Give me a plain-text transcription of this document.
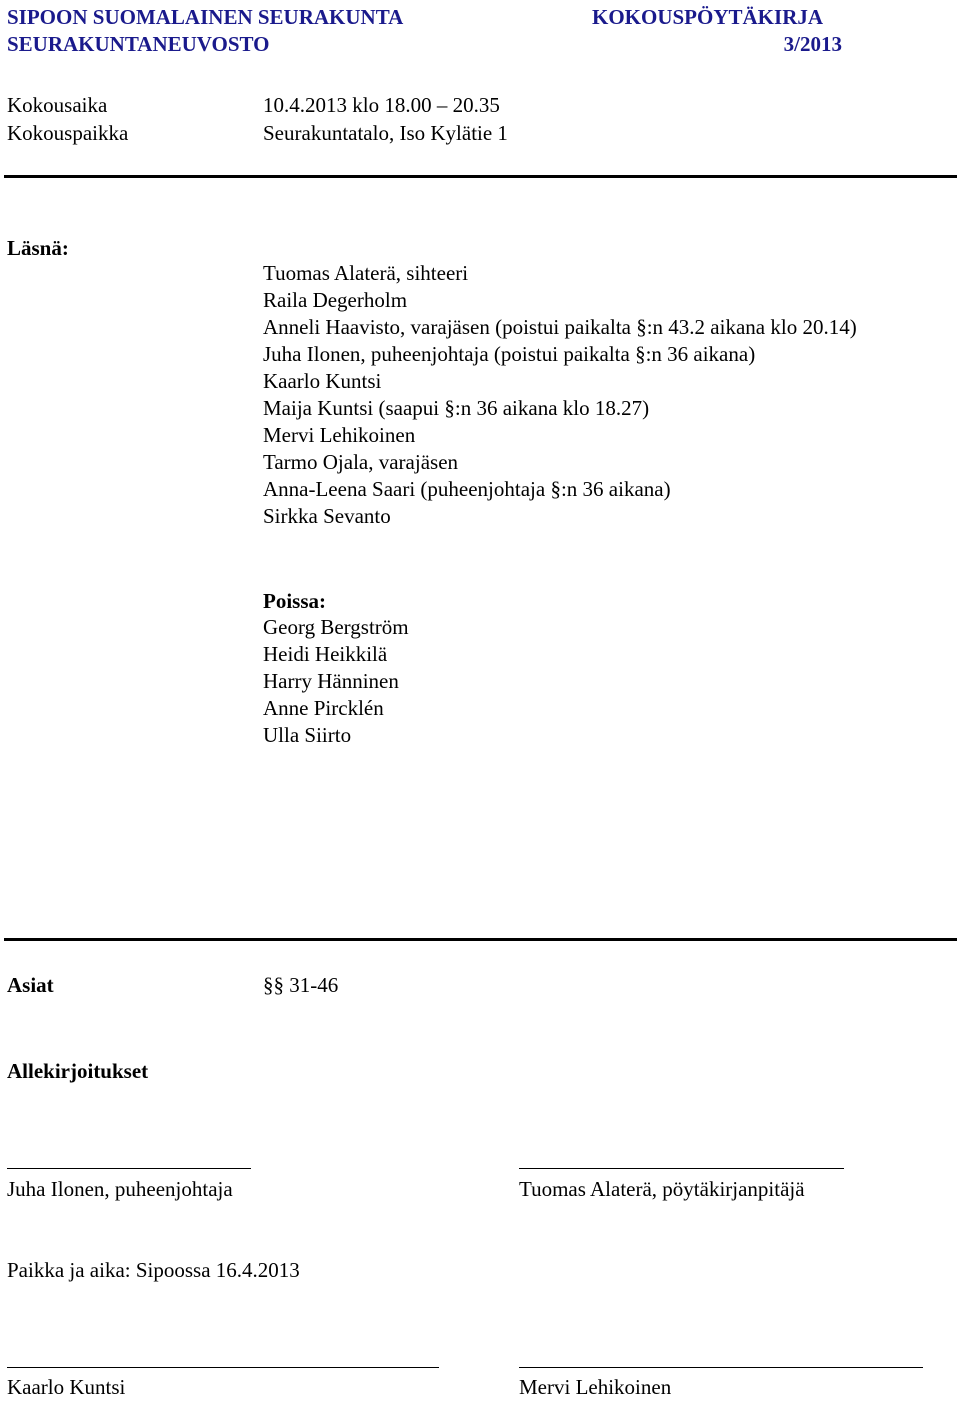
SIPOON SUOMALAINEN SEURAKUNTA
SEURAKUNTANEUVOSTO
KOKOUSPÖYTÄKIRJA
3/2013
Kokousaika	10.4.2013 klo 18.00 – 20.35
Kokouspaikka	Seurakuntatalo, Iso Kylätie 1
Läsnä:
Tuomas Alaterä, sihteeri
Raila Degerholm
Anneli Haavisto, varajäsen (poistui paikalta §:n 43.2 aikana klo 20.14)
Juha Ilonen, puheenjohtaja (poistui paikalta §:n 36 aikana)
Kaarlo Kuntsi
Maija Kuntsi (saapui §:n 36 aikana klo 18.27)
Mervi Lehikoinen
Tarmo Ojala, varajäsen
Anna-Leena Saari (puheenjohtaja §:n 36 aikana)
Sirkka Sevanto
Poissa:
Georg Bergström
Heidi Heikkilä
Harry Hänninen
Anne Pircklén
Ulla Siirto
Asiat	§§ 31-46
Allekirjoitukset
Juha Ilonen, puheenjohtaja	Tuomas Alaterä, pöytäkirjanpitäjä
Paikka ja aika: Sipoossa 16.4.2013
Kaarlo Kuntsi	Mervi Lehikoinen
